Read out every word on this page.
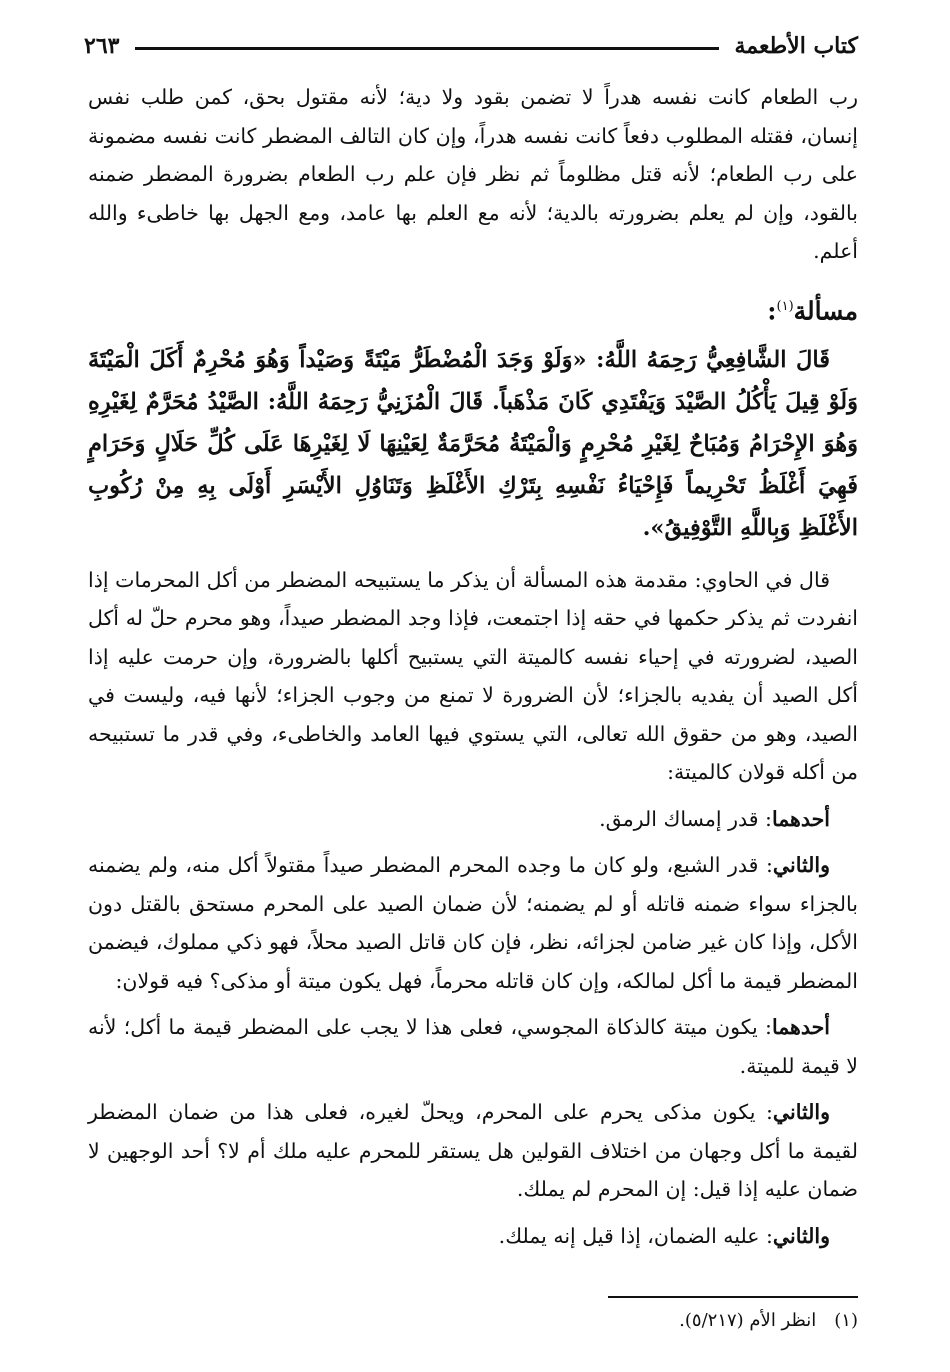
كتاب الأطعمة
٢٦٣

رب الطعام كانت نفسه هدراً لا تضمن بقود ولا دية؛ لأنه مقتول بحق، كمن طلب نفس إنسان، فقتله المطلوب دفعاً كانت نفسه هدراً، وإن كان التالف المضطر كانت نفسه مضمونة على رب الطعام؛ لأنه قتل مظلوماً ثم نظر فإن علم رب الطعام بضرورة المضطر ضمنه بالقود، وإن لم يعلم بضرورته بالدية؛ لأنه مع العلم بها عامد، ومع الجهل بها خاطىء والله أعلم.

مسألة$^{(١)}$:

قَالَ الشَّافِعِيُّ رَحِمَهُ اللَّهُ: «وَلَوْ وَجَدَ الْمُضْطَرُّ مَيْتَةً وَصَيْداً وَهُوَ مُحْرِمٌ أَكَلَ الْمَيْتَةَ وَلَوْ قِيلَ يَأْكُلُ الصَّيْدَ وَيَفْتَدِي كَانَ مَذْهَباً. قَالَ الْمُزَنِيُّ رَحِمَهُ اللَّهُ: الصَّيْدُ مُحَرَّمٌ لِغَيْرِهِ وَهُوَ الإِحْرَامُ وَمُبَاحٌ لِغَيْرِ مُحْرِمٍ وَالْمَيْتَةُ مُحَرَّمَةٌ لِعَيْنِهَا لَا لِغَيْرِهَا عَلَى كُلِّ حَلَالٍ وَحَرَامٍ فَهِيَ أَغْلَظُ تَحْرِيماً فَإِحْيَاءُ نَفْسِهِ بِتَرْكِ الأَغْلَظِ وَتَنَاوُلِ الأَيْسَرِ أَوْلَى بِهِ مِنْ رُكُوبِ الأَغْلَظِ وَبِاللَّهِ التَّوْفِيقُ».

قال في الحاوي: مقدمة هذه المسألة أن يذكر ما يستبيحه المضطر من أكل المحرمات إذا انفردت ثم يذكر حكمها في حقه إذا اجتمعت، فإذا وجد المضطر صيداً، وهو محرم حلّ له أكل الصيد، لضرورته في إحياء نفسه كالميتة التي يستبيح أكلها بالضرورة، وإن حرمت عليه إذا أكل الصيد أن يفديه بالجزاء؛ لأن الضرورة لا تمنع من وجوب الجزاء؛ لأنها فيه، وليست في الصيد، وهو من حقوق الله تعالى، التي يستوي فيها العامد والخاطىء، وفي قدر ما تستبيحه من أكله قولان كالميتة:

أحدهما: قدر إمساك الرمق.

والثاني: قدر الشبع، ولو كان ما وجده المحرم المضطر صيداً مقتولاً أكل منه، ولم يضمنه بالجزاء سواء ضمنه قاتله أو لم يضمنه؛ لأن ضمان الصيد على المحرم مستحق بالقتل دون الأكل، وإذا كان غير ضامن لجزائه، نظر، فإن كان قاتل الصيد محلاً، فهو ذكي مملوك، فيضمن المضطر قيمة ما أكل لمالكه، وإن كان قاتله محرماً، فهل يكون ميتة أو مذكى؟ فيه قولان:

أحدهما: يكون ميتة كالذكاة المجوسي، فعلى هذا لا يجب على المضطر قيمة ما أكل؛ لأنه لا قيمة للميتة.

والثاني: يكون مذكى يحرم على المحرم، ويحلّ لغيره، فعلى هذا من ضمان المضطر لقيمة ما أكل وجهان من اختلاف القولين هل يستقر للمحرم عليه ملك أم لا؟ أحد الوجهين لا ضمان عليه إذا قيل: إن المحرم لم يملك.

والثاني: عليه الضمان، إذا قيل إنه يملك.

(١)
انظر الأم (٥/٢١٧).
